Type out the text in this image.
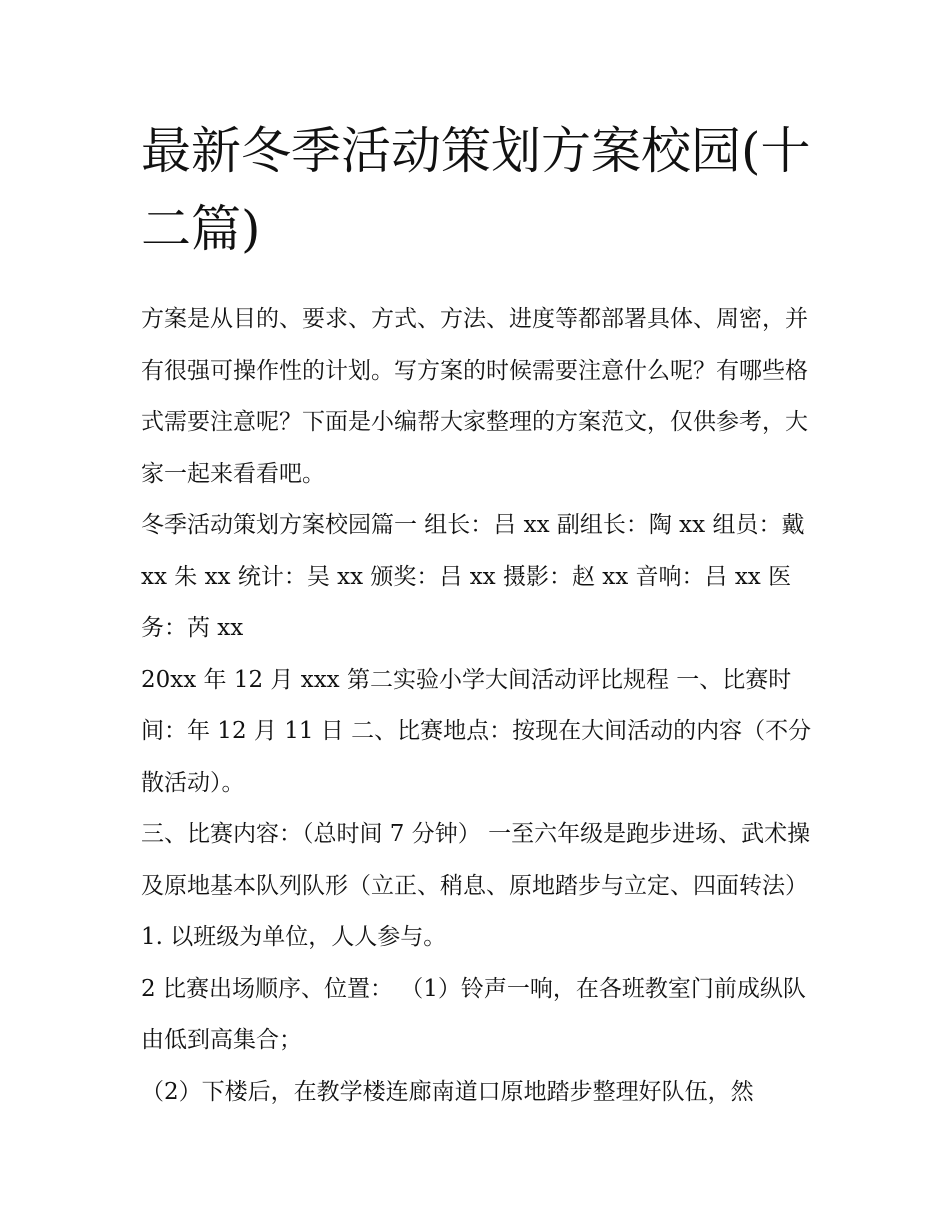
最新冬季活动策划方案校园(十二篇)

方案是从目的、要求、方式、方法、进度等都部署具体、周密，并有很强可操作性的计划。写方案的时候需要注意什么呢？有哪些格式需要注意呢？下面是小编帮大家整理的方案范文，仅供参考，大家一起来看看吧。

冬季活动策划方案校园篇一 组长：吕 xx 副组长：陶 xx 组员：戴 xx 朱 xx 统计：吴 xx 颁奖：吕 xx 摄影：赵 xx 音响：吕 xx 医务：芮 xx

20xx 年 12 月 xxx 第二实验小学大间活动评比规程 一、比赛时间：年 12 月 11 日 二、比赛地点：按现在大间活动的内容（不分散活动）。

三、比赛内容：（总时间 7 分钟） 一至六年级是跑步进场、武术操及原地基本队列队形（立正、稍息、原地踏步与立定、四面转法） 1. 以班级为单位，人人参与。

2 比赛出场顺序、位置： （1）铃声一响，在各班教室门前成纵队由低到高集合；

（2）下楼后，在教学楼连廊南道口原地踏步整理好队伍，然
